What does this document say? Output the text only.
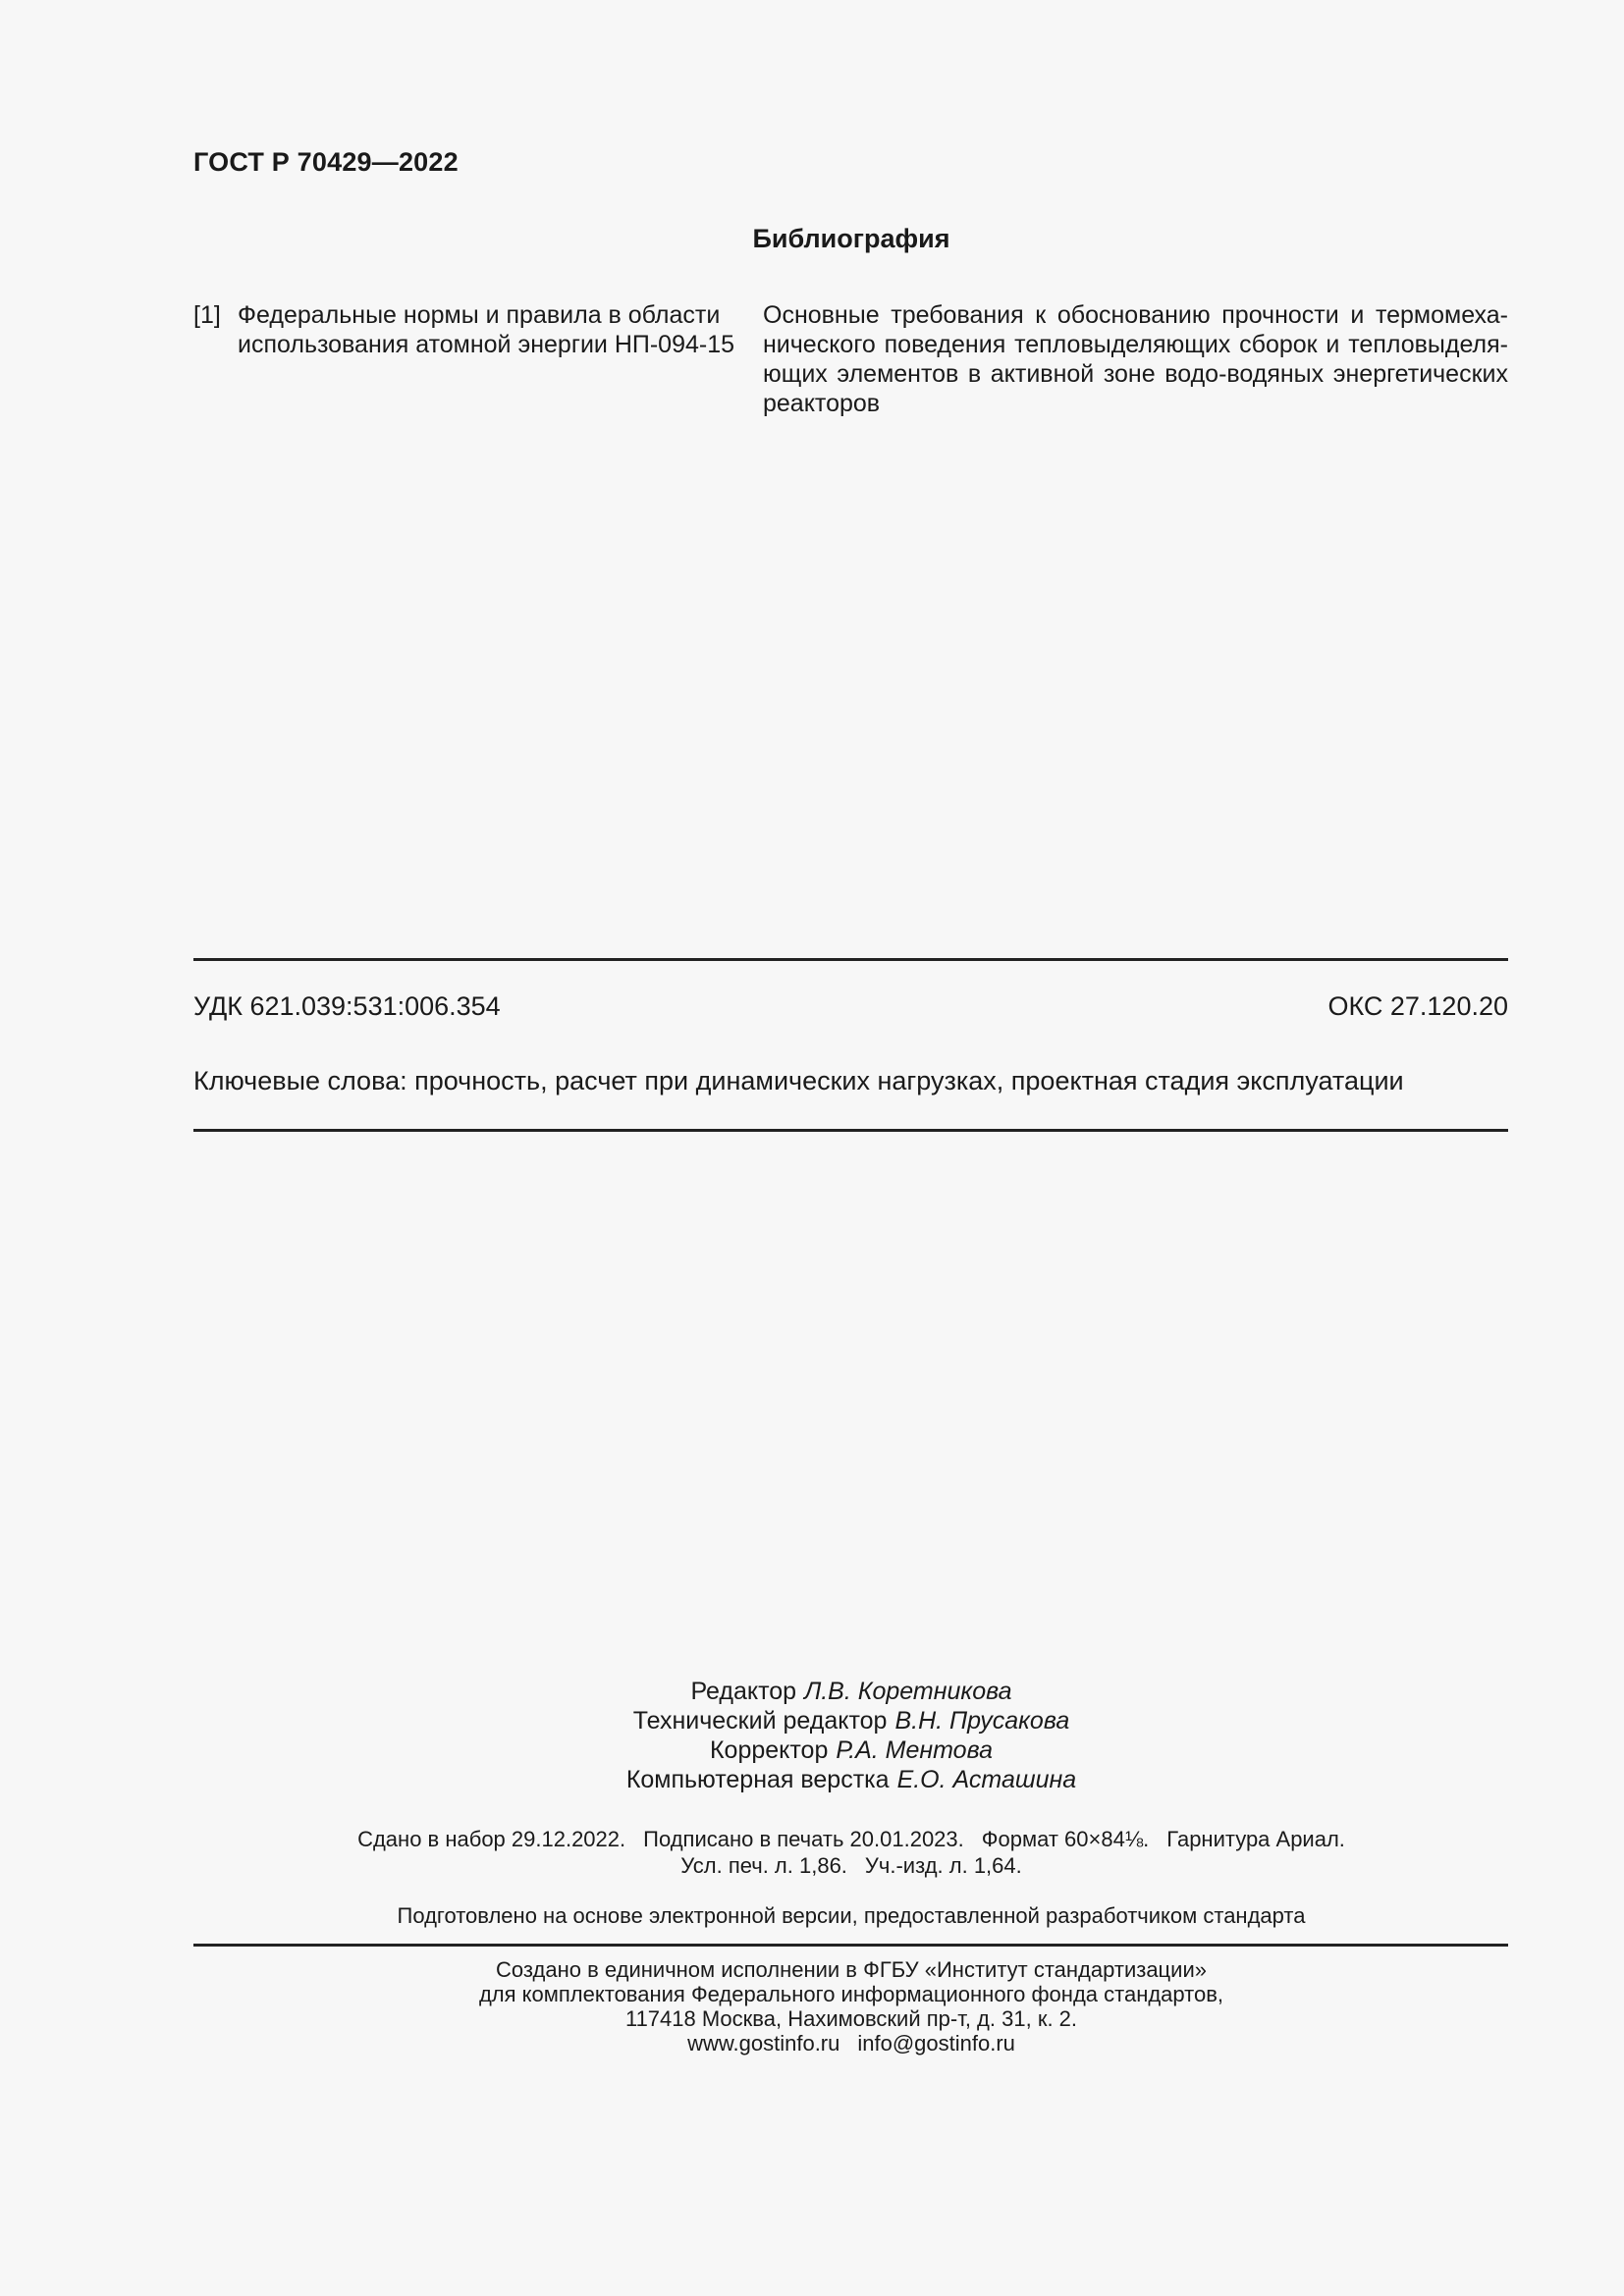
ГОСТ Р 70429—2022
Библиография
[1] Федеральные нормы и правила в области
использования атомной энергии НП-094-15
Основные требования к обоснованию прочности и термомеханического поведения тепловыделяющих сборок и тепловыделяющих элементов в активной зоне водо-водяных энергетических реакторов
УДК 621.039:531:006.354	ОКС 27.120.20
Ключевые слова: прочность, расчет при динамических нагрузках, проектная стадия эксплуатации
Редактор Л.В. Коретникова
Технический редактор В.Н. Прусакова
Корректор Р.А. Ментова
Компьютерная верстка Е.О. Асташина
Сдано в набор 29.12.2022. Подписано в печать 20.01.2023. Формат 60×84⅛. Гарнитура Ариал.
Усл. печ. л. 1,86. Уч.-изд. л. 1,64.
Подготовлено на основе электронной версии, предоставленной разработчиком стандарта
Создано в единичном исполнении в ФГБУ «Институт стандартизации»
для комплектования Федерального информационного фонда стандартов,
117418 Москва, Нахимовский пр-т, д. 31, к. 2.
www.gostinfo.ru info@gostinfo.ru
